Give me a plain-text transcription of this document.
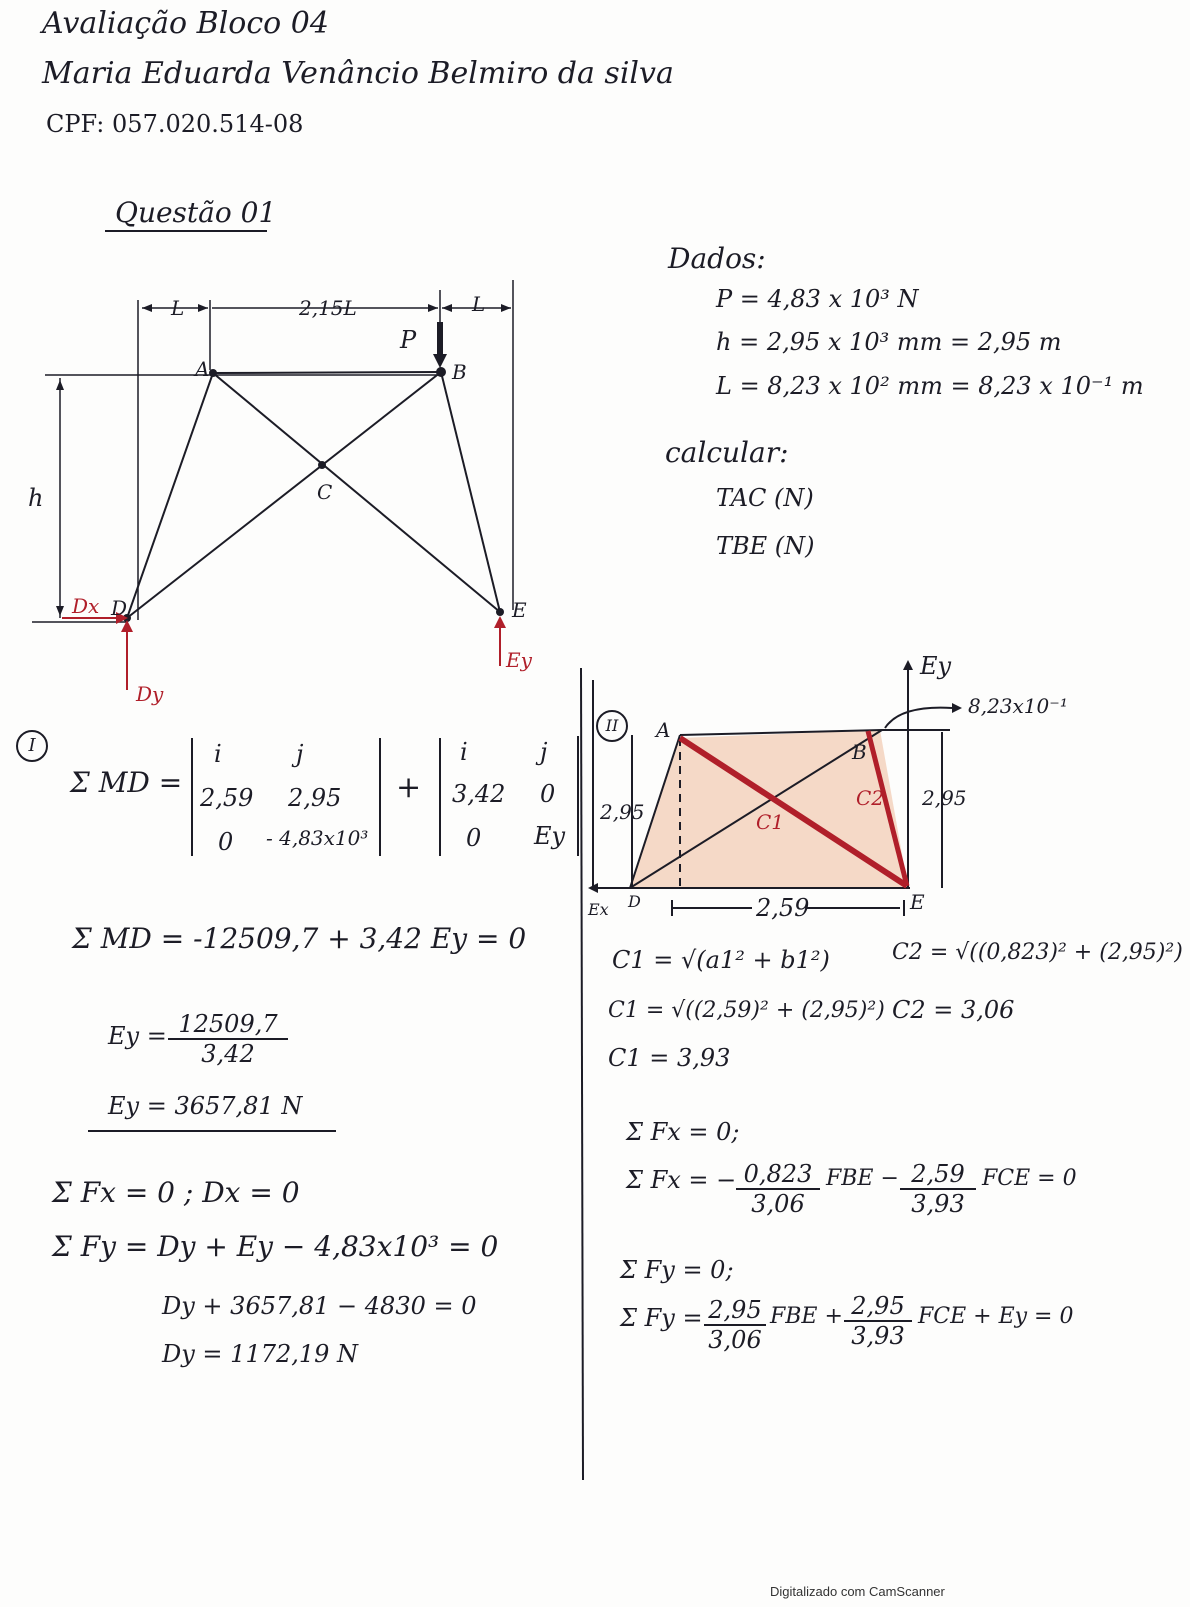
Avaliação Bloco 04
Maria Eduarda Venâncio Belmiro da silva
CPF: 057.020.514-08
Questão 01
L	2,15L	L
P
A	B
C
D	E
h
Dx
Dy
Ey
Dados:
P = 4,83 x 10³ N
h = 2,95 x 10³ mm = 2,95 m
L = 8,23 x 10² mm = 8,23 x 10⁻¹ m
calcular:
TAC (N)
TBE (N)
I
Σ MD =
i	j
2,59 2,95
0 - 4,83x10³
+
i	j
3,42 0
0 Ey
Σ MD = -12509,7 + 3,42 Ey = 0
$Ey = \frac{12509,7}{3,42}$
Ey = 3657,81 N
Σ Fx = 0 ; Dx = 0
Σ Fy = Dy + Ey − 4,83x10³ = 0
Dy + 3657,81 − 4830 = 0
Dy = 1172,19 N
II
Ey
8,23x10⁻¹
A
B
C1
C2
2,95
2,95
Ex D	E
2,59
C1 = √(a1² + b1²)
C1 = √((2,59)² + (2,95)²)
C1 = 3,93
C2 = √((0,823)² + (2,95)²)
C2 = 3,06
Σ Fx = 0;
Σ Fx = − $\frac{0,823}{3,06}$ FBE − $\frac{2,59}{3,93}$ FCE = 0
Σ Fy = 0;
Σ $Fy = \frac{2,95}{3,06}$ FBE + $\frac{2,95}{3,93}$ FCE + Ey = 0
Digitalizado com CamScanner
